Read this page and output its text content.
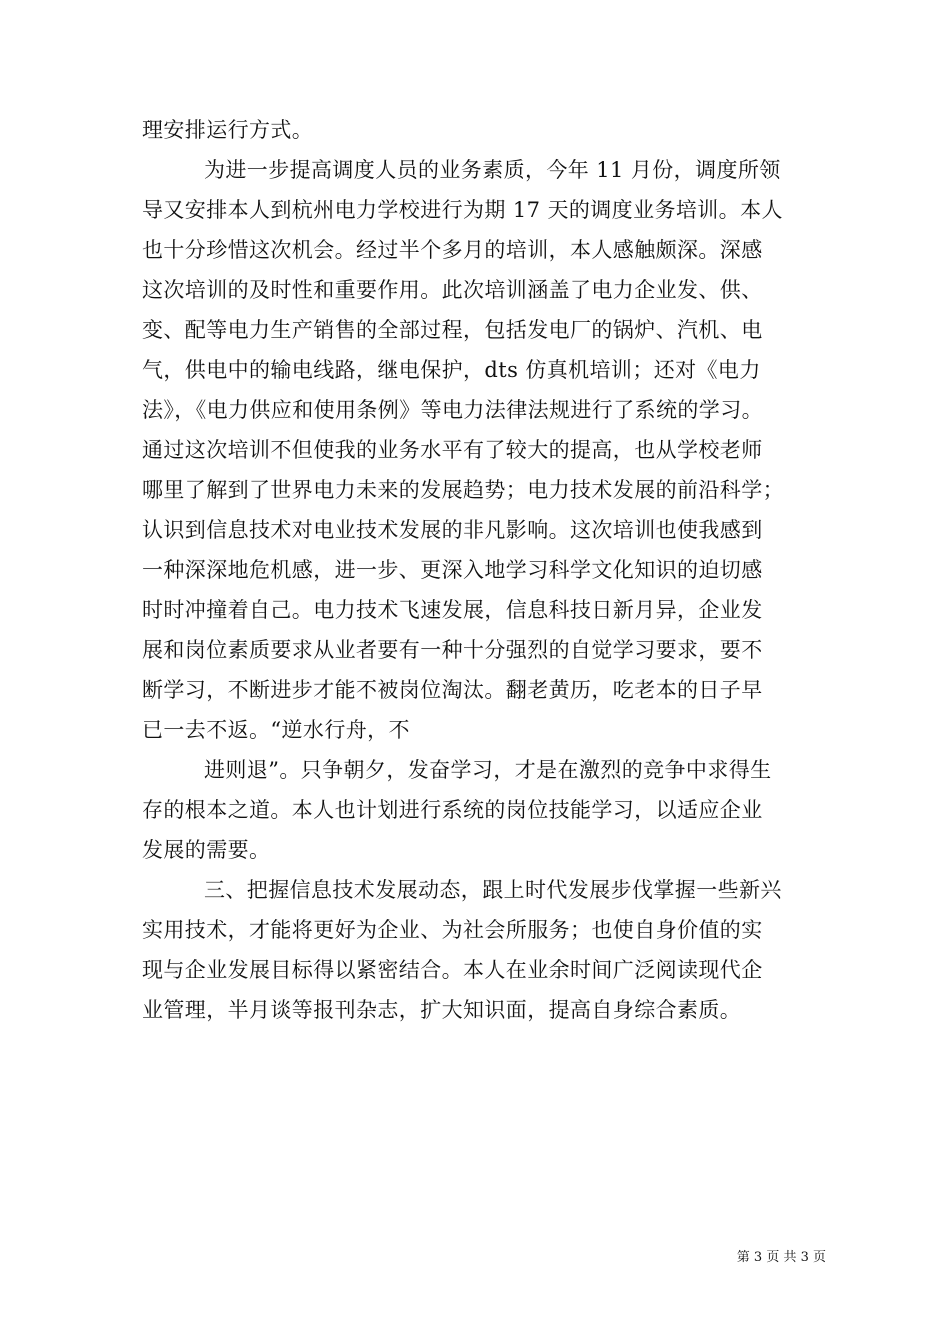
理安排运行方式。
为进一步提高调度人员的业务素质，今年 11 月份，调度所领
导又安排本人到杭州电力学校进行为期 17 天的调度业务培训。本人
也十分珍惜这次机会。经过半个多月的培训，本人感触颇深。深感
这次培训的及时性和重要作用。此次培训涵盖了电力企业发、供、
变、配等电力生产销售的全部过程，包括发电厂的锅炉、汽机、电
气，供电中的输电线路，继电保护，dts 仿真机培训；还对《电力
法》，《电力供应和使用条例》等电力法律法规进行了系统的学习。
通过这次培训不但使我的业务水平有了较大的提高，也从学校老师
哪里了解到了世界电力未来的发展趋势；电力技术发展的前沿科学；
认识到信息技术对电业技术发展的非凡影响。这次培训也使我感到
一种深深地危机感，进一步、更深入地学习科学文化知识的迫切感
时时冲撞着自己。电力技术飞速发展，信息科技日新月异，企业发
展和岗位素质要求从业者要有一种十分强烈的自觉学习要求，要不
断学习，不断进步才能不被岗位淘汰。翻老黄历，吃老本的日子早
已一去不返。“逆水行舟，不
进则退”。只争朝夕，发奋学习，才是在激烈的竞争中求得生
存的根本之道。本人也计划进行系统的岗位技能学习，以适应企业
发展的需要。
三、把握信息技术发展动态，跟上时代发展步伐掌握一些新兴
实用技术，才能将更好为企业、为社会所服务；也使自身价值的实
现与企业发展目标得以紧密结合。本人在业余时间广泛阅读现代企
业管理，半月谈等报刊杂志，扩大知识面，提高自身综合素质。
第 3 页 共 3 页
